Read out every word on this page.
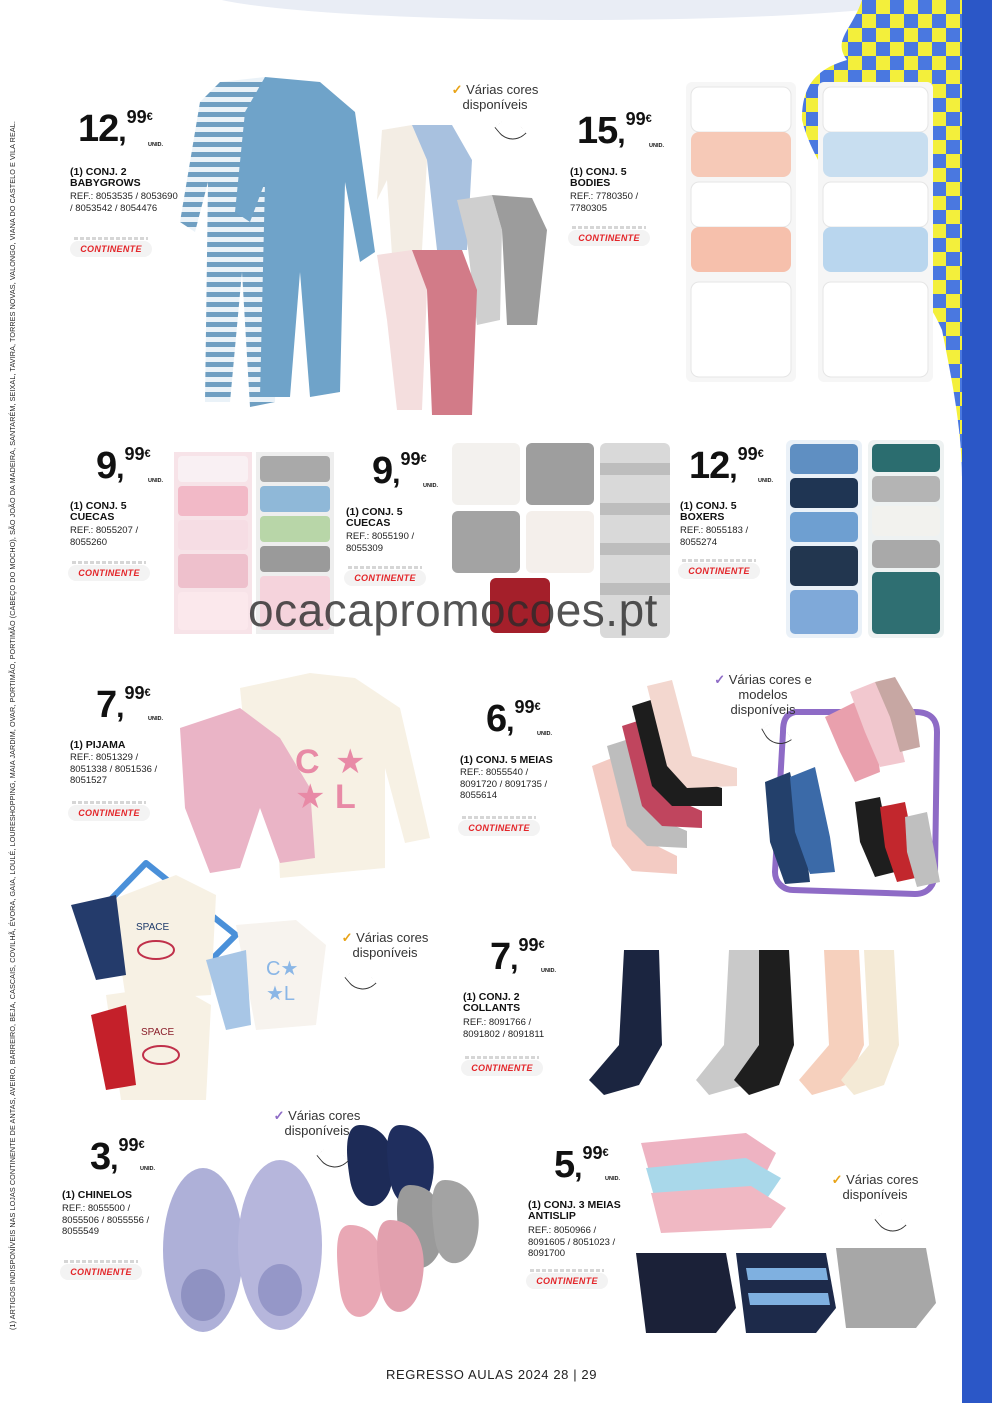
(1) ARTIGOS INDISPONÍVEIS NAS LOJAS CONTINENTE DE ANTAS, AVEIRO, BARREIRO, BEJA, CASCAIS, COVILHÃ, ÉVORA, GAIA, LOULÉ, LOURESHOPPING, MAIA JARDIM, OVAR, PORTIMÃO, PORTIMÃO (CABEÇO DO MOCHO), SÃO JOÃO DA MADEIRA, SANTARÉM, SEIXAL, TAVIRA, TORRES NOVAS, VALONGO, VIANA DO CASTELO E VILA REAL. 12,99€
UNID.
(1) CONJ. 2 BABYGROWS
REF.: 8053535 / 8053690 / 8053542 / 8054476
CONTINENTE
✓ Várias cores disponíveis
15,99€
UNID.
(1) CONJ. 5 BODIES
REF.: 7780350 / 7780305
CONTINENTE
9,99€
UNID.
(1) CONJ. 5 CUECAS
REF.: 8055207 / 8055260
CONTINENTE
9,99€
UNID.
(1) CONJ. 5 CUECAS
REF.: 8055190 / 8055309
CONTINENTE
12,99€
UNID.
(1) CONJ. 5 BOXERS
REF.: 8055183 / 8055274
CONTINENTE
ocacapromocoes.pt
7,99€
UNID.
(1) PIJAMA
REF.: 8051329 / 8051338 / 8051536 / 8051527
CONTINENTE
C ★
★ L
6,99€
UNID.
(1) CONJ. 5 MEIAS
REF.: 8055540 / 8091720 / 8091735 / 8055614
CONTINENTE
✓ Várias cores e modelos disponíveis
SPACE
SPACE
C★
★L
✓ Várias cores disponíveis	7,99€
UNID.
(1) CONJ. 2 COLLANTS
REF.: 8091766 / 8091802 / 8091811
CONTINENTE
3,99€
UNID.
(1) CHINELOS
REF.: 8055500 / 8055506 / 8055556 / 8055549
CONTINENTE
✓ Várias cores disponíveis
5,99€
UNID.
(1) CONJ. 3 MEIAS ANTISLIP
REF.: 8050966 / 8091605 / 8051023 / 8091700
CONTINENTE
✓ Várias cores disponíveis
REGRESSO AULAS 2024 28 | 29
